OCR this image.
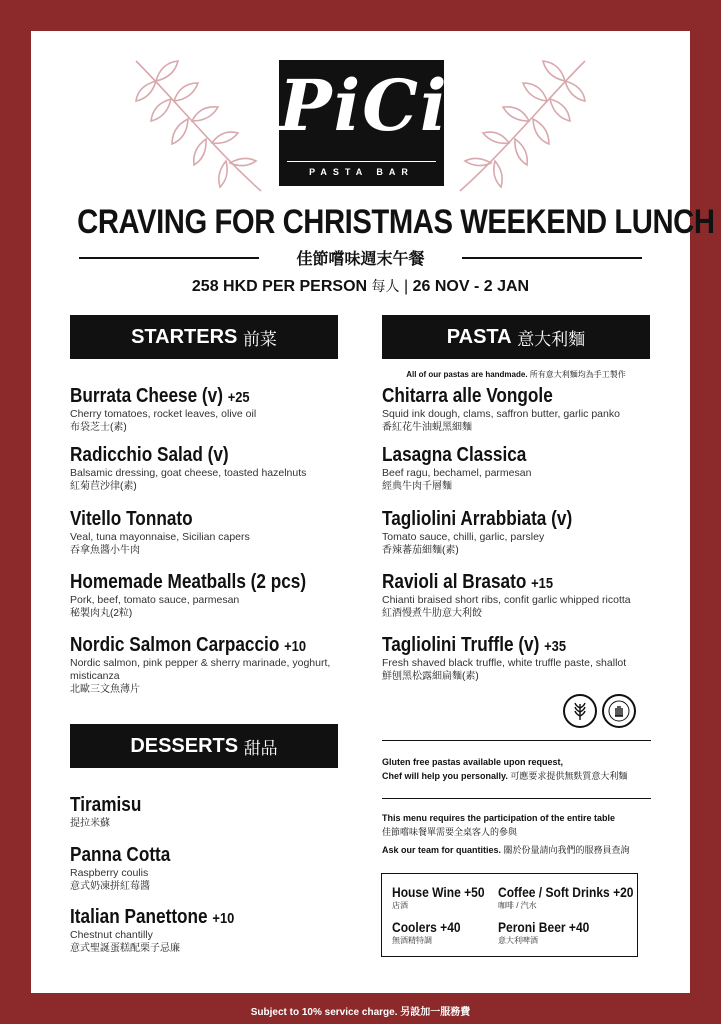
PiCi
PASTA BAR
CRAVING FOR CHRISTMAS WEEKEND LUNCH
佳節嚐味週末午餐
258 HKD PER PERSON 每人 | 26 NOV - 2 JAN
STARTERS
前菜
Burrata Cheese (v) +25
Cherry tomatoes, rocket leaves, olive oil
布袋芝士(素)
Radicchio Salad (v)
Balsamic dressing, goat cheese, toasted hazelnuts
紅菊苣沙律(素)
Vitello Tonnato
Veal, tuna mayonnaise, Sicilian capers
吞拿魚醬小牛肉
Homemade Meatballs (2 pcs)
Pork, beef, tomato sauce, parmesan
秘製肉丸(2粒)
Nordic Salmon Carpaccio +10
Nordic salmon, pink pepper & sherry marinade, yoghurt, misticanza
北歐三文魚薄片
DESSERTS
甜品
Tiramisu
提拉米蘇
Panna Cotta
Raspberry coulis
意式奶凍拼紅莓醬
Italian Panettone +10
Chestnut chantilly
意式聖誕蛋糕配栗子忌廉
PASTA
意大利麵
All of our pastas are handmade. 所有意大利麵均為手工製作
Chitarra alle Vongole
Squid ink dough, clams, saffron butter, garlic panko
番紅花牛油蜆黑細麵
Lasagna Classica
Beef ragu, bechamel, parmesan
經典牛肉千層麵
Tagliolini Arrabbiata (v)
Tomato sauce, chilli, garlic, parsley
香辣蕃茄細麵(素)
Ravioli al Brasato +15
Chianti braised short ribs, confit garlic whipped ricotta
紅酒慢煮牛肋意大利餃
Tagliolini Truffle (v) +35
Fresh shaved black truffle, white truffle paste, shallot
鮮刨黑松露細扁麵(素)
Gluten free pastas available upon request,
Chef will help you personally. 可應要求提供無麩質意大利麵
This menu requires the participation of the entire table
佳節嚐味餐單需要全桌客人的參與
Ask our team for quantities. 關於份量請向我們的服務員查詢
House Wine +50
店酒
Coffee / Soft Drinks +20
咖啡 / 汽水
Coolers +40
無酒精特調
Peroni Beer +40
意大利啤酒
Subject to 10% service charge. 另設加一服務費
